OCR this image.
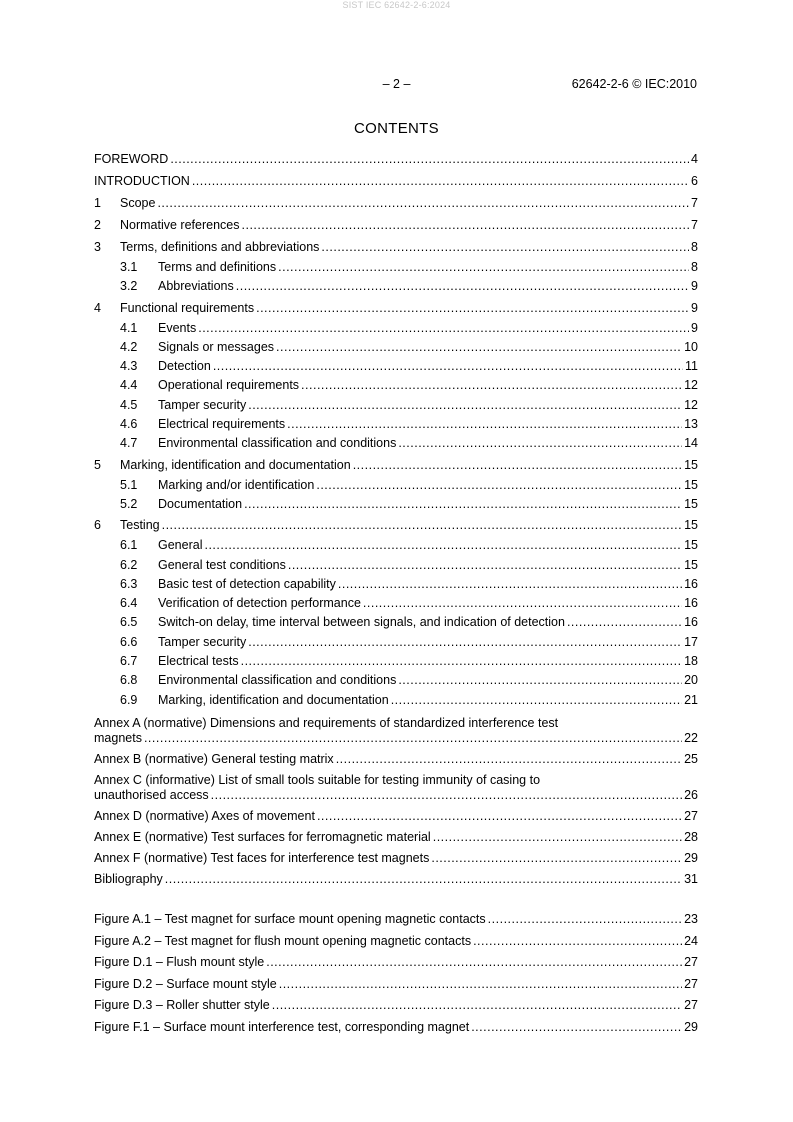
SIST IEC 62642-2-6:2024
– 2 –	62642-2-6 © IEC:2010
CONTENTS
FOREWORD .....	4
INTRODUCTION .....	6
1	Scope .....	7
2	Normative references .....	7
3	Terms, definitions and abbreviations .....	8
3.1	Terms and definitions .....	8
3.2	Abbreviations .....	9
4	Functional requirements .....	9
4.1	Events .....	9
4.2	Signals or messages .....	10
4.3	Detection .....	11
4.4	Operational requirements .....	12
4.5	Tamper security .....	12
4.6	Electrical requirements .....	13
4.7	Environmental classification and conditions .....	14
5	Marking, identification and documentation .....	15
5.1	Marking and/or identification .....	15
5.2	Documentation .....	15
6	Testing .....	15
6.1	General .....	15
6.2	General test conditions .....	15
6.3	Basic test of detection capability .....	16
6.4	Verification of detection performance .....	16
6.5	Switch-on delay, time interval between signals, and indication of detection .....	16
6.6	Tamper security .....	17
6.7	Electrical tests .....	18
6.8	Environmental classification and conditions .....	20
6.9	Marking, identification and documentation .....	21
Annex A (normative) Dimensions and requirements of standardized interference test
magnets .....	22
Annex B (normative) General testing matrix .....	25
Annex C (informative) List of small tools suitable for testing immunity of casing to
unauthorised access .....	26
Annex D (normative) Axes of movement .....	27
Annex E (normative) Test surfaces for ferromagnetic material .....	28
Annex F (normative) Test faces for interference test magnets .....	29
Bibliography .....	31
Figure A.1 – Test magnet for surface mount opening magnetic contacts .....	23
Figure A.2 – Test magnet for flush mount opening magnetic contacts .....	24
Figure D.1 – Flush mount style .....	27
Figure D.2 – Surface mount style .....	27
Figure D.3 – Roller shutter style .....	27
Figure F.1 – Surface mount interference test, corresponding magnet .....	29
